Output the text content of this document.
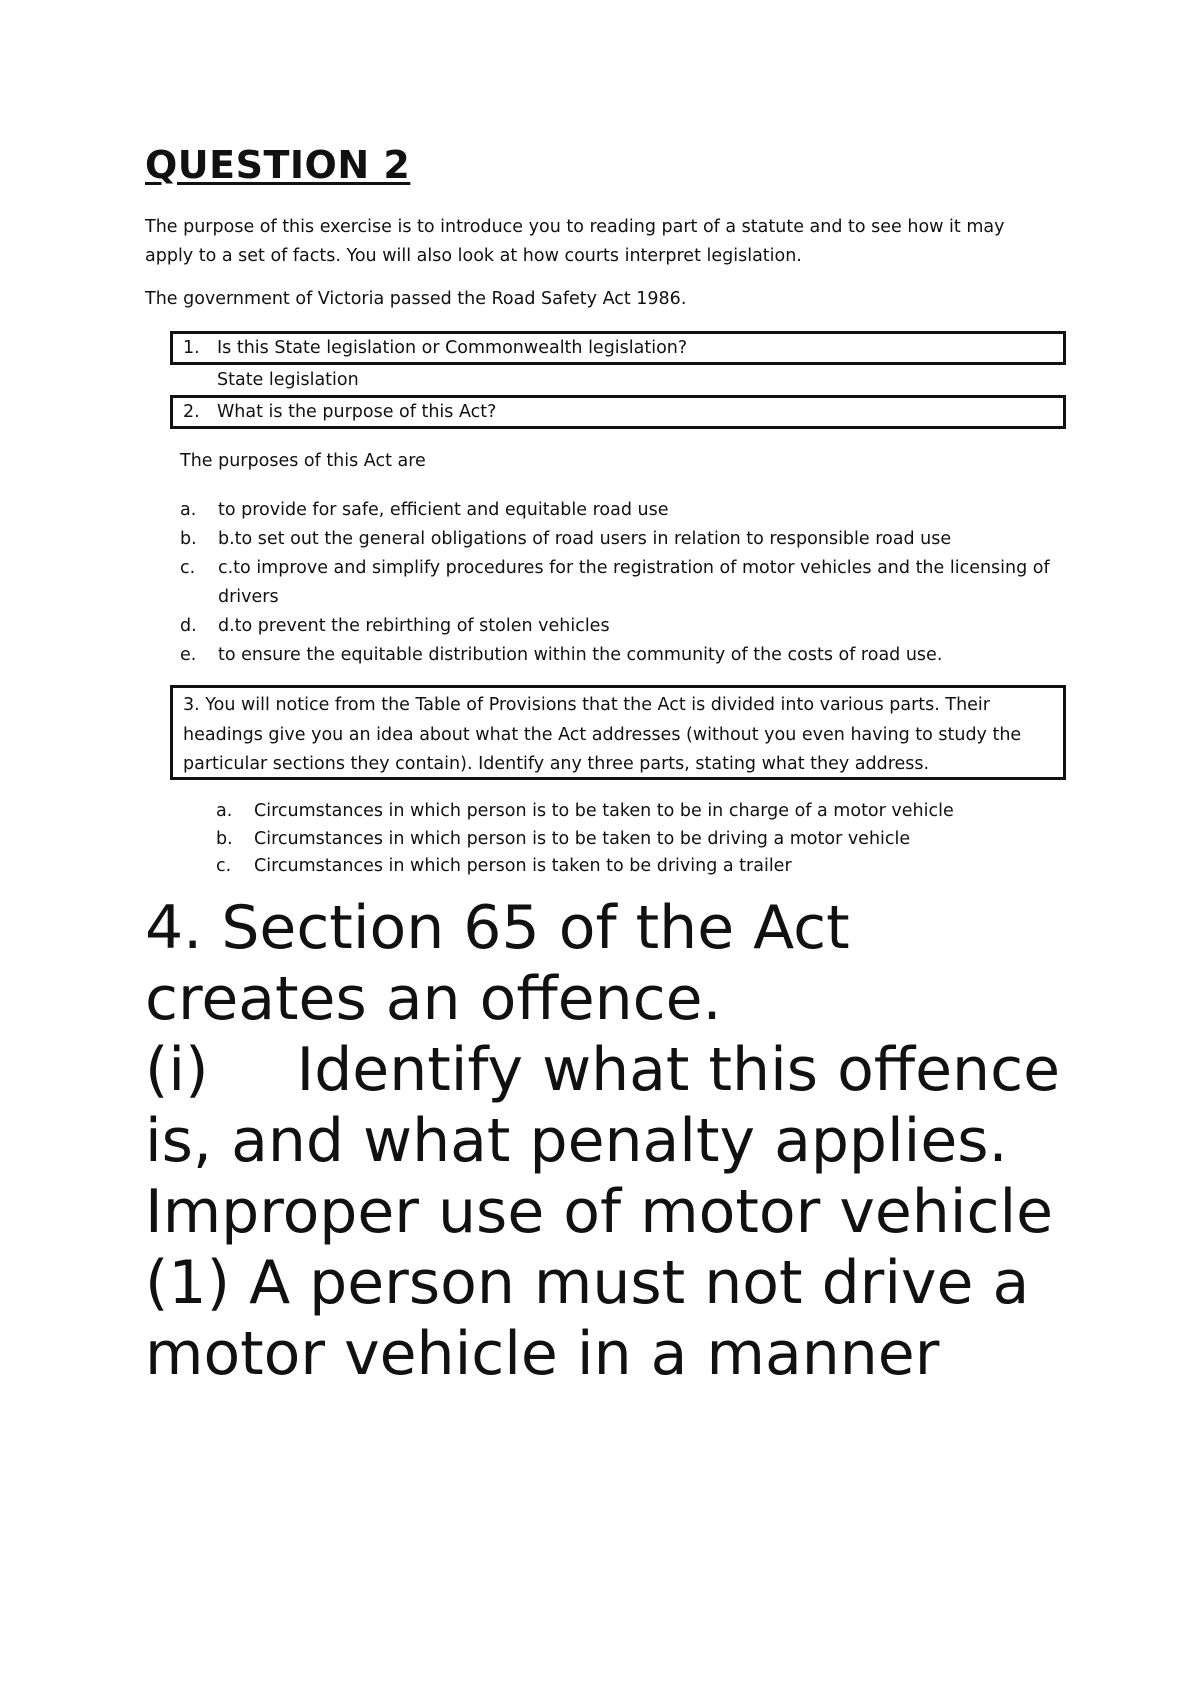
QUESTION 2

The purpose of this exercise is to introduce you to reading part of a statute and to see how it may apply to a set of facts. You will also look at how courts interpret legislation.

The government of Victoria passed the Road Safety Act 1986.

1. Is this State legislation or Commonwealth legislation?
State legislation
2. What is the purpose of this Act?

The purposes of this Act are

a.	to provide for safe, efficient and equitable road use
b.	b.to set out the general obligations of road users in relation to responsible road use
c.	c.to improve and simplify procedures for the registration of motor vehicles and the licensing of drivers
d.	d.to prevent the rebirthing of stolen vehicles
e.	to ensure the equitable distribution within the community of the costs of road use.
3. You will notice from the Table of Provisions that the Act is divided into various parts. Their headings give you an idea about what the Act addresses (without you even having to study the particular sections they contain). Identify any three parts, stating what they address.
a.	Circumstances in which person is to be taken to be in charge of a motor vehicle
b.	Circumstances in which person is to be taken to be driving a motor vehicle
c.	Circumstances in which person is taken to be driving a trailer

4. Section 65 of the Act creates an offence.

(i) Identify what this offence is, and what penalty applies.

Improper use of motor vehicle

(1) A person must not drive a motor vehicle in a manner
